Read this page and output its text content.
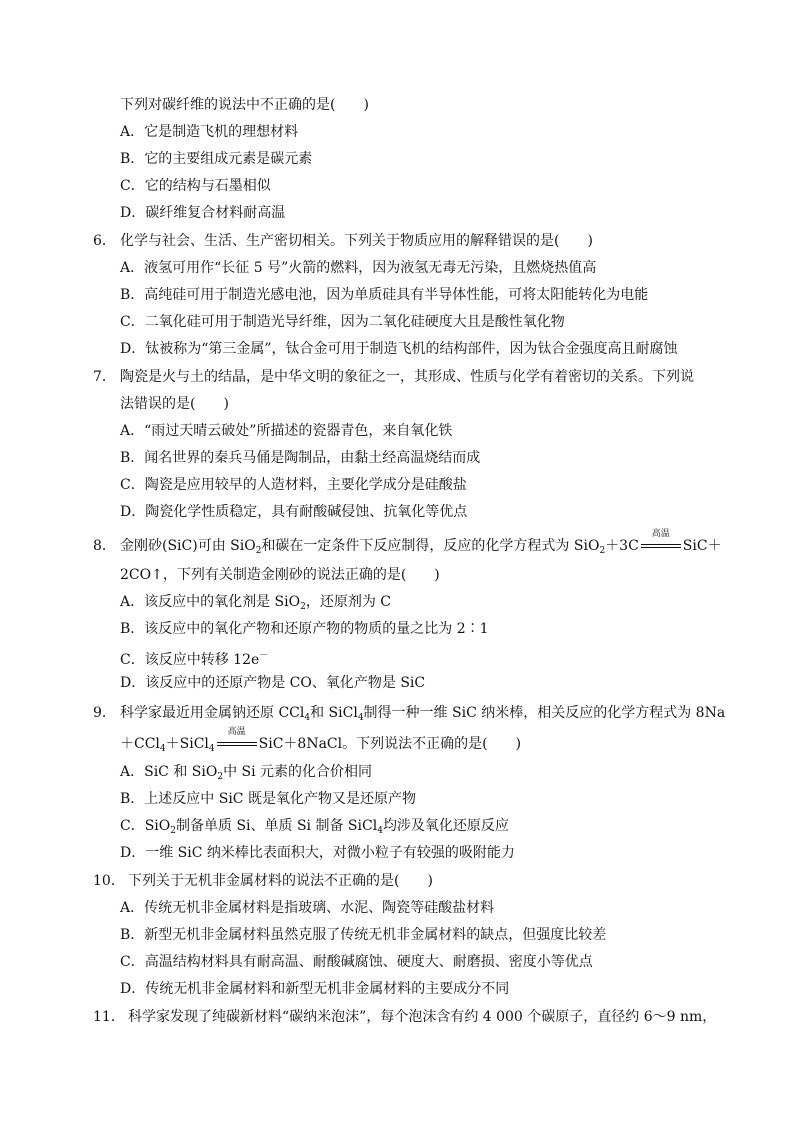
下列对碳纤维的说法中不正确的是( )
A．它是制造飞机的理想材料
B．它的主要组成元素是碳元素
C．它的结构与石墨相似
D．碳纤维复合材料耐高温
6． 化学与社会、生活、生产密切相关。下列关于物质应用的解释错误的是( )
A．液氢可用作“长征 5 号”火箭的燃料，因为液氢无毒无污染，且燃烧热值高
B．高纯硅可用于制造光感电池，因为单质硅具有半导体性能，可将太阳能转化为电能
C．二氧化硅可用于制造光导纤维，因为二氧化硅硬度大且是酸性氧化物
D．钛被称为“第三金属”，钛合金可用于制造飞机的结构部件，因为钛合金强度高且耐腐蚀
7． 陶瓷是火与土的结晶，是中华文明的象征之一，其形成、性质与化学有着密切的关系。下列说
法错误的是( )
A．“雨过天晴云破处”所描述的瓷器青色，来自氧化铁
B．闻名世界的秦兵马俑是陶制品，由黏土经高温烧结而成
C．陶瓷是应用较早的人造材料，主要化学成分是硅酸盐
D．陶瓷化学性质稳定，具有耐酸碱侵蚀、抗氧化等优点
8． 金刚砂(SiC)可由 SiO$_2$和碳在一定条件下反应制得，反应的化学方程式为 SiO$_2$＋3C
高温
SiC＋
2CO↑，下列有关制造金刚砂的说法正确的是( )
A．该反应中的氧化剂是 SiO$_2$，还原剂为 C
B．该反应中的氧化产物和还原产物的物质的量之比为 2∶1
C．该反应中转移 12e－
D．该反应中的还原产物是 CO、氧化产物是 SiC
9． 科学家最近用金属钠还原 CCl$_4$和 SiCl$_4$制得一种一维 SiC 纳米棒，相关反应的化学方程式为 8Na
＋CCl$_4$＋SiCl$_4$
高温
SiC＋8NaCl。下列说法不正确的是( )
A．SiC 和 SiO$_2$中 Si 元素的化合价相同
B．上述反应中 SiC 既是氧化产物又是还原产物
C．SiO$_2$制备单质 Si、单质 Si 制备 SiCl$_4$均涉及氧化还原反应
D．一维 SiC 纳米棒比表面积大，对微小粒子有较强的吸附能力
10． 下列关于无机非金属材料的说法不正确的是( )
A．传统无机非金属材料是指玻璃、水泥、陶瓷等硅酸盐材料
B．新型无机非金属材料虽然克服了传统无机非金属材料的缺点，但强度比较差
C．高温结构材料具有耐高温、耐酸碱腐蚀、硬度大、耐磨损、密度小等优点
D．传统无机非金属材料和新型无机非金属材料的主要成分不同
11． 科学家发现了纯碳新材料“碳纳米泡沫”，每个泡沫含有约 4 000 个碳原子，直径约 6～9 nm，
